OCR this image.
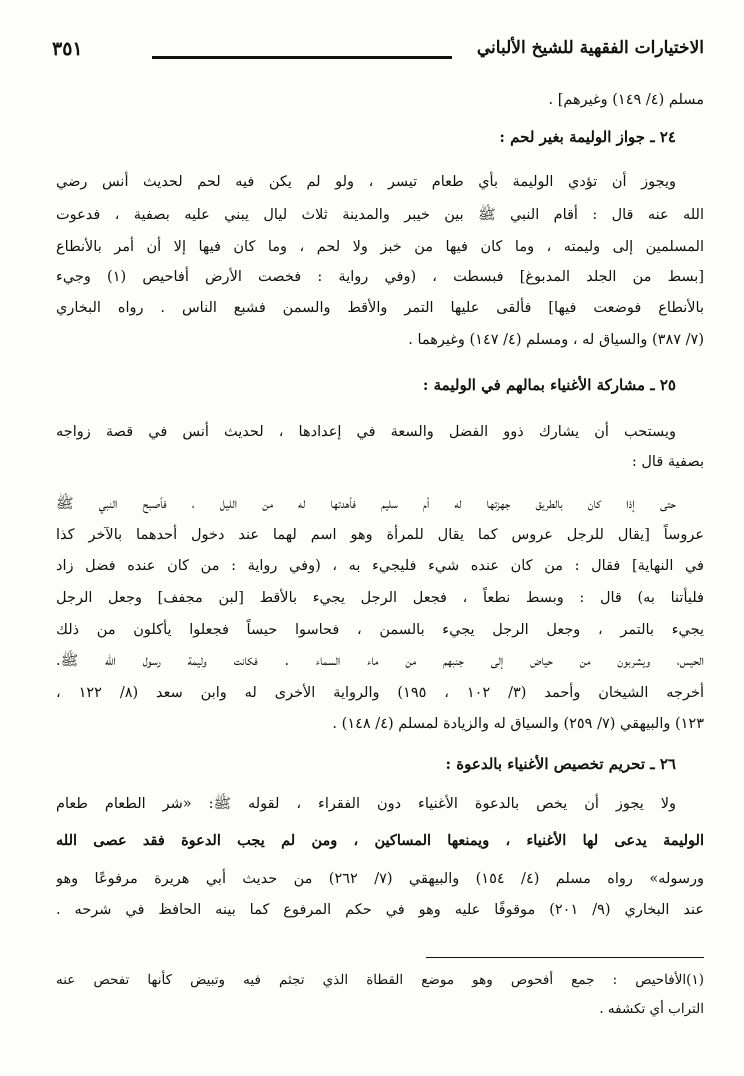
الاختيارات الفقهية للشيخ الألباني
٣٥١
مسلم (٤/ ١٤٩) وغيرهم] .
٢٤ ـ جواز الوليمة بغير لحم :
ويجوز أن تؤدي الوليمة بأي طعام تيسر ، ولو لم يكن فيه لحم لحديث أنس رضي
الله عنه قال : أقام النبي ﷺ بين خيبر والمدينة ثلاث ليال يبني عليه بصفية ، فدعوت
المسلمين إلى وليمته ، وما كان فيها من خبز ولا لحم ، وما كان فيها إلا أن أمر بالأنطاع
[بسط من الجلد المدبوغ] فبسطت ، (وفي رواية : فخصت الأرض أفاحيص (١) وجيء
بالأنطاع فوضعت فيها] فألقى عليها التمر والأقط والسمن فشبع الناس . رواه البخاري
(٧/ ٣٨٧) والسياق له ، ومسلم (٤/ ١٤٧) وغيرهما .
٢٥ ـ مشاركة الأغنياء بمالهم في الوليمة :
ويستحب أن يشارك ذوو الفضل والسعة في إعدادها ، لحديث أنس في قصة زواجه
بصفية قال :
حتى إذا كان بالطريق جهزتها له أم سليم فأهدتها له من الليل ، فأصبح النبي ﷺ
عروساً [يقال للرجل عروس كما يقال للمرأة وهو اسم لهما عند دخول أحدهما بالآخر كذا
في النهاية] فقال : من كان عنده شيء فليجيء به ، (وفي رواية : من كان عنده فضل زاد
فليأتنا به) قال : وبسط نطعاً ، فجعل الرجل يجيء بالأقط [لبن مجفف] وجعل الرجل
يجيء بالتمر ، وجعل الرجل يجيء بالسمن ، فحاسوا حيساً فجعلوا يأكلون من ذلك
الحيس، ويشربون من حياض إلى جنبهم من ماء السماء . فكانت وليمة رسول الله ﷺ.
أخرجه الشيخان وأحمد (٣/ ١٠٢ ، ١٩٥) والرواية الأخرى له وابن سعد (٨/ ١٢٢ ،
١٢٣) والبيهقي (٧/ ٢٥٩) والسياق له والزيادة لمسلم (٤/ ١٤٨) .
٢٦ ـ تحريم تخصيص الأغنياء بالدعوة :
ولا يجوز أن يخص بالدعوة الأغنياء دون الفقراء ، لقوله ﷺ: «شر الطعام طعام
الوليمة يدعى لها الأغنياء ، ويمنعها المساكين ، ومن لم يجب الدعوة فقد عصى الله
ورسوله» رواه مسلم (٤/ ١٥٤) والبيهقي (٧/ ٢٦٢) من حديث أبي هريرة مرفوعًا وهو
عند البخاري (٩/ ٢٠١) موقوفًا عليه وهو في حكم المرفوع كما بينه الحافظ في شرحه .
(١)الأفاحيص : جمع أفحوص وهو موضع القطاة الذي تجثم فيه وتبيض كأنها تفحص عنه
التراب أي تكشفه .
